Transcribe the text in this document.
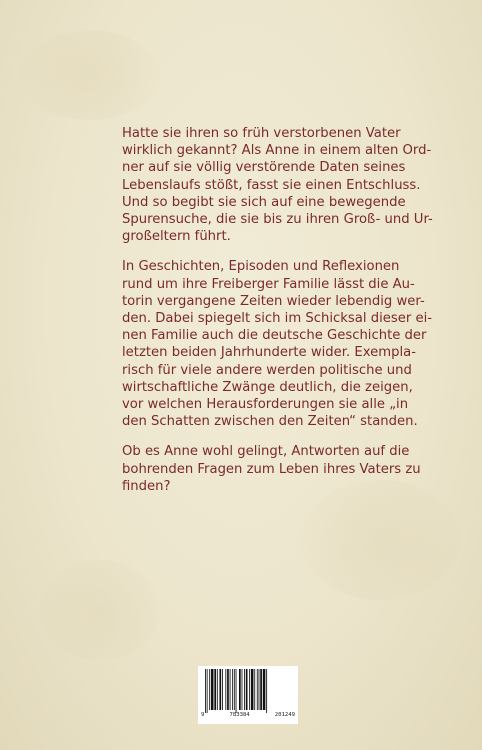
Hatte sie ihren so früh verstorbenen Vater
wirklich gekannt? Als Anne in einem alten Ord-
ner auf sie völlig verstörende Daten seines
Lebenslaufs stößt, fasst sie einen Entschluss.
Und so begibt sie sich auf eine bewegende
Spurensuche, die sie bis zu ihren Groß- und Ur-
großeltern führt.

In Geschichten, Episoden und Reflexionen
rund um ihre Freiberger Familie lässt die Au-
torin vergangene Zeiten wieder lebendig wer-
den. Dabei spiegelt sich im Schicksal dieser ei-
nen Familie auch die deutsche Geschichte der
letzten beiden Jahrhunderte wider. Exempla-
risch für viele andere werden politische und
wirtschaftliche Zwänge deutlich, die zeigen,
vor welchen Herausforderungen sie alle „in
den Schatten zwischen den Zeiten“ standen.

Ob es Anne wohl gelingt, Antworten auf die
bohrenden Fragen zum Leben ihres Vaters zu
finden?

9	783384	201249
